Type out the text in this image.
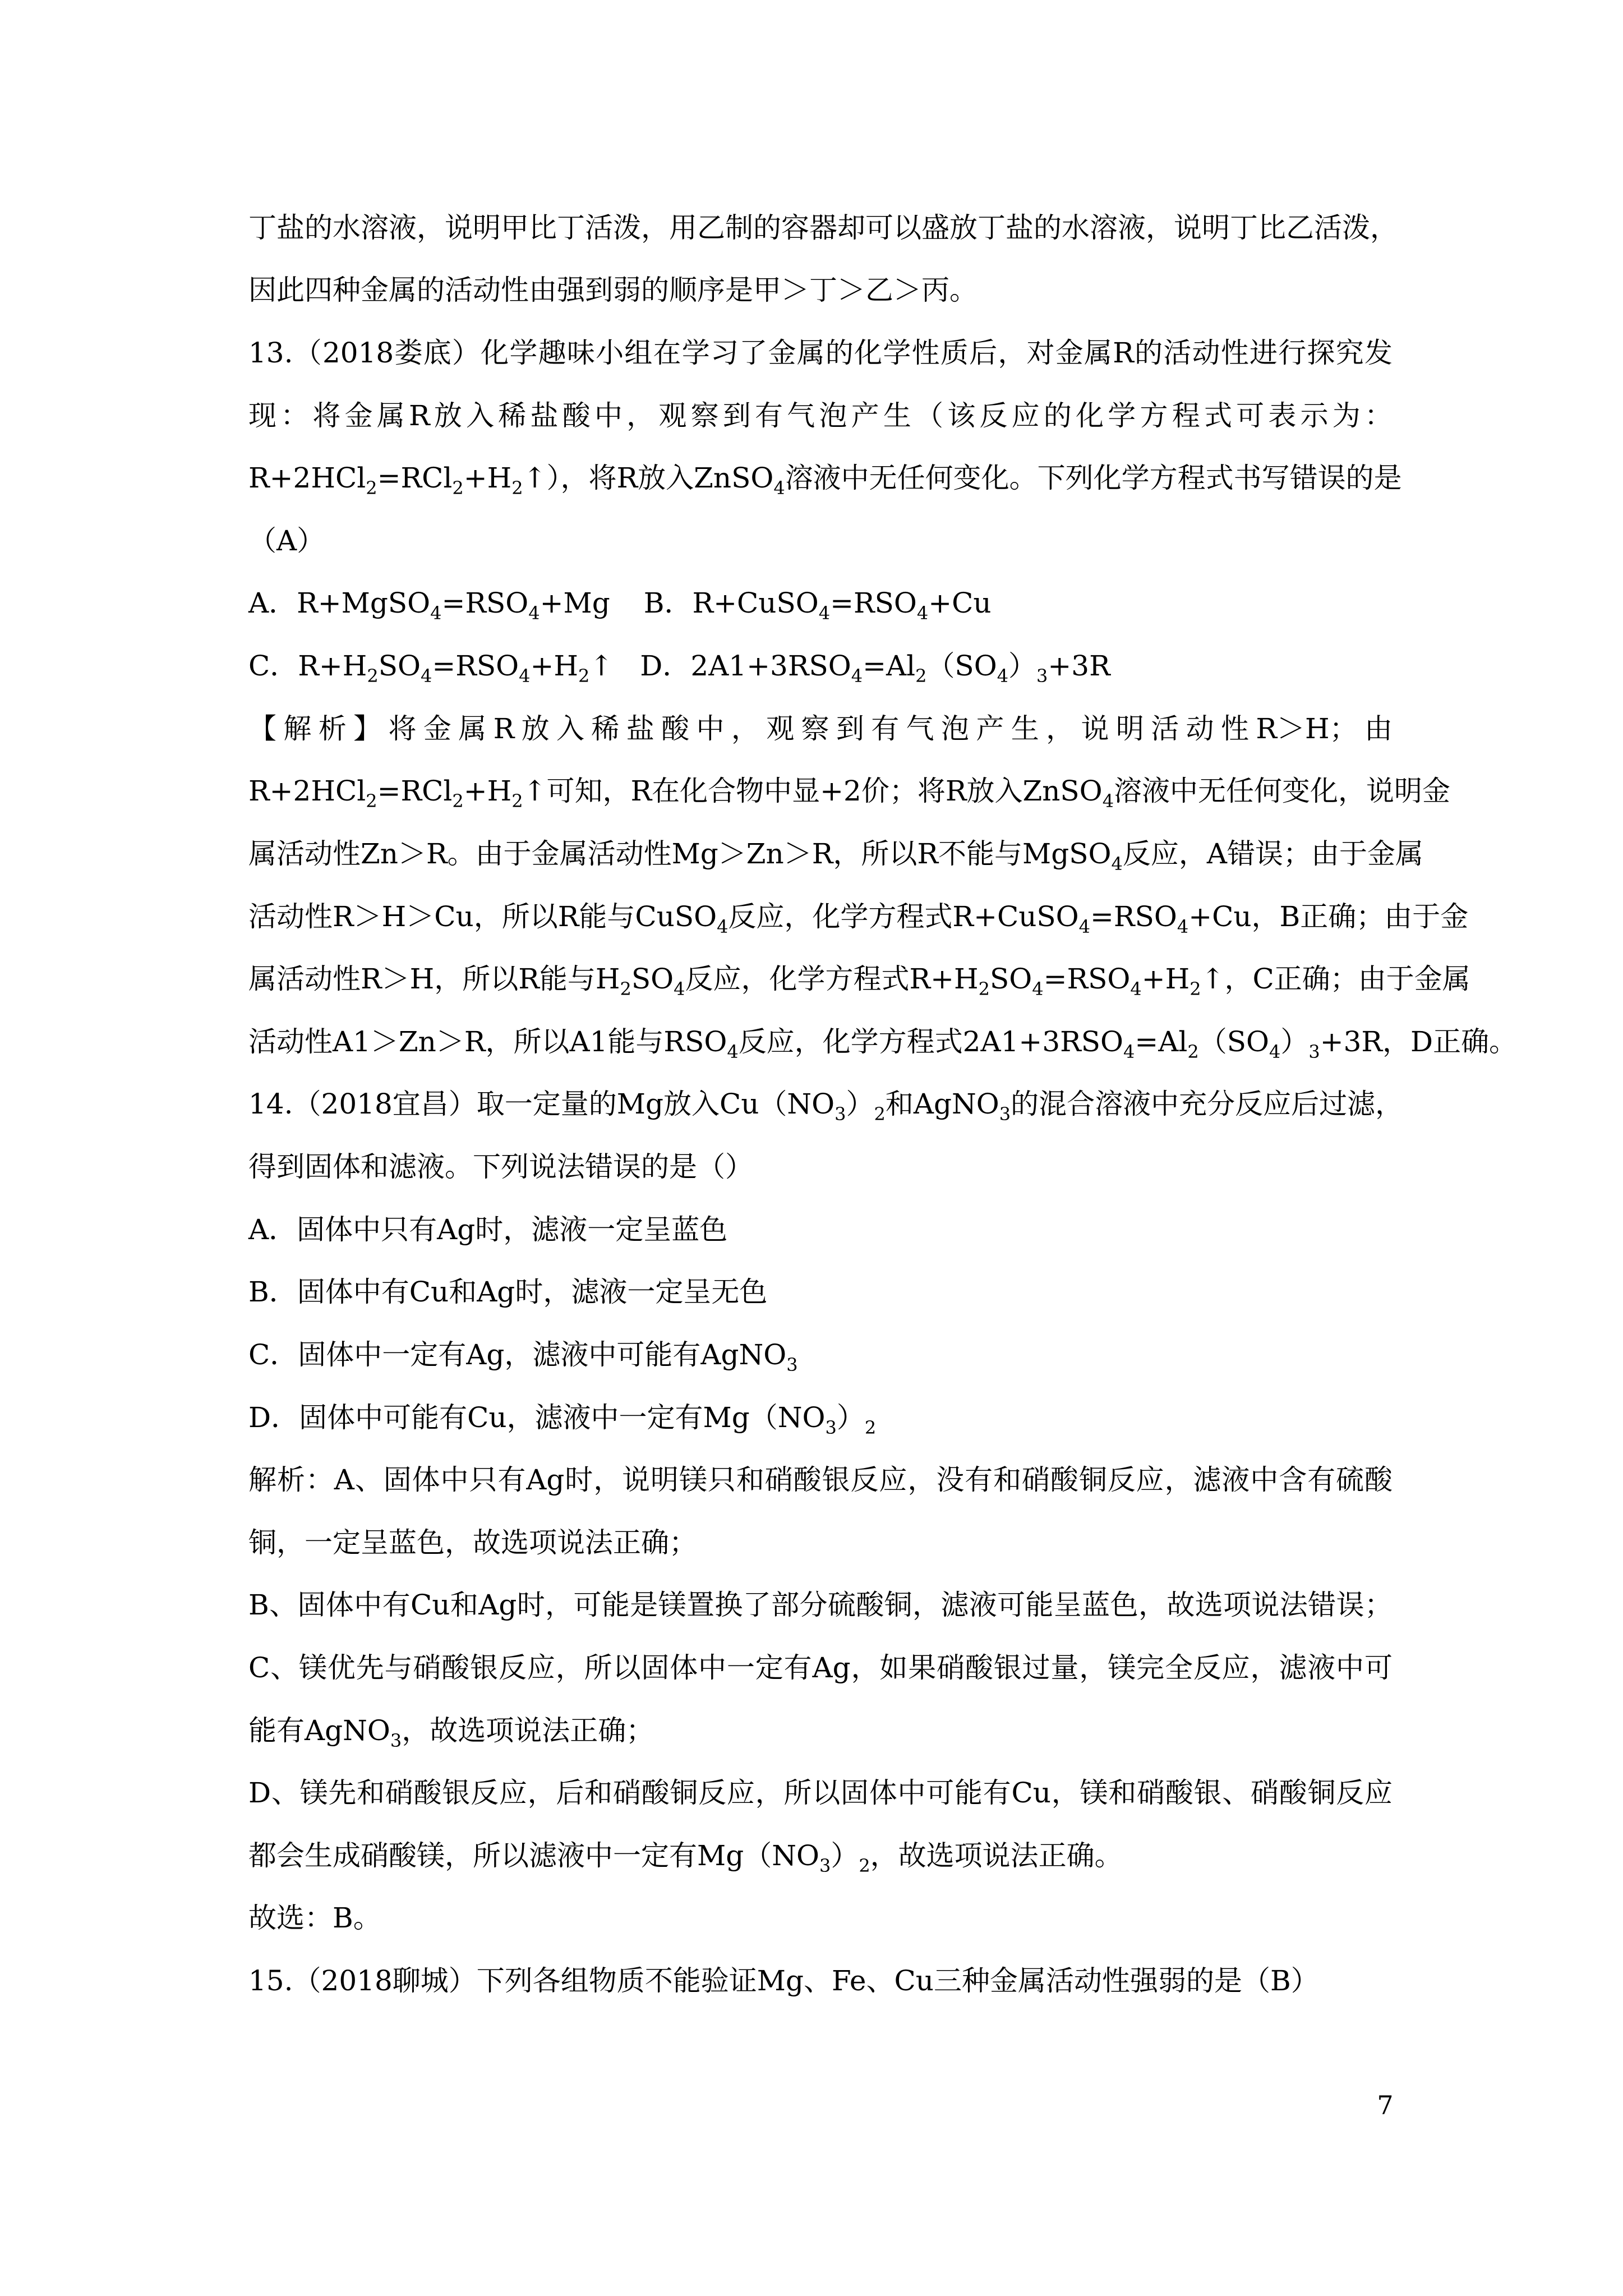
丁盐的水溶液，说明甲比丁活泼，用乙制的容器却可以盛放丁盐的水溶液，说明丁比乙活泼，
因此四种金属的活动性由强到弱的顺序是甲＞丁＞乙＞丙。
13.（2018娄底）化学趣味小组在学习了金属的化学性质后，对金属R的活动性进行探究发
现：将金属R放入稀盐酸中，观察到有气泡产生（该反应的化学方程式可表示为：
$R+2HCl_2=RCl_2+H_2↑$），将R放入ZnSO$_4$溶液中无任何变化。下列化学方程式书写错误的是
（A）
A．$R+MgSO_4=RSO_4+Mg$ B．$R+CuSO_4=RSO_4+Cu$
C．$R+H_2SO_4=RSO_4+H_2↑$ D．$2A1+3RSO_4=Al_2(SO_4)_3+3R$
【解析】将金属R放入稀盐酸中，观察到有气泡产生，说明活动性R＞H；由
$R+2HCl_2=RCl_2+H_2↑$可知，R在化合物中显+2价；将R放入ZnSO$_4$溶液中无任何变化，说明金
属活动性Zn＞R。由于金属活动性Mg＞Zn＞R，所以R不能与MgSO$_4$反应，A错误；由于金属
活动性R＞H＞Cu，所以R能与CuSO$_4$反应，化学方程式$R+CuSO_4=RSO_4+Cu$，B正确；由于金
属活动性R＞H，所以R能与$H_2SO_4$反应，化学方程式$R+H_2SO_4=RSO_4+H_2↑$，C正确；由于金属
活动性A1＞Zn＞R，所以A1能与$RSO_4$反应，化学方程式$2A1+3RSO_4=Al_2(SO_4)_3+3R$，D正确。
14.（2018宜昌）取一定量的Mg放入$Cu(NO_3)_2$和AgNO$_3$的混合溶液中充分反应后过滤，
得到固体和滤液。下列说法错误的是（）
A．固体中只有Ag时，滤液一定呈蓝色
B．固体中有Cu和Ag时，滤液一定呈无色
C．固体中一定有Ag，滤液中可能有AgNO$_3$
D．固体中可能有Cu，滤液中一定有$Mg(NO_3)_2$
解析：A、固体中只有Ag时，说明镁只和硝酸银反应，没有和硝酸铜反应，滤液中含有硫酸
铜，一定呈蓝色，故选项说法正确；
B、固体中有Cu和Ag时，可能是镁置换了部分硫酸铜，滤液可能呈蓝色，故选项说法错误；
C、镁优先与硝酸银反应，所以固体中一定有Ag，如果硝酸银过量，镁完全反应，滤液中可
能有AgNO$_3$，故选项说法正确；
D、镁先和硝酸银反应，后和硝酸铜反应，所以固体中可能有Cu，镁和硝酸银、硝酸铜反应
都会生成硝酸镁，所以滤液中一定有$Mg(NO_3)_2$，故选项说法正确。
故选：B。
15.（2018聊城）下列各组物质不能验证Mg、Fe、Cu三种金属活动性强弱的是（B）
7
